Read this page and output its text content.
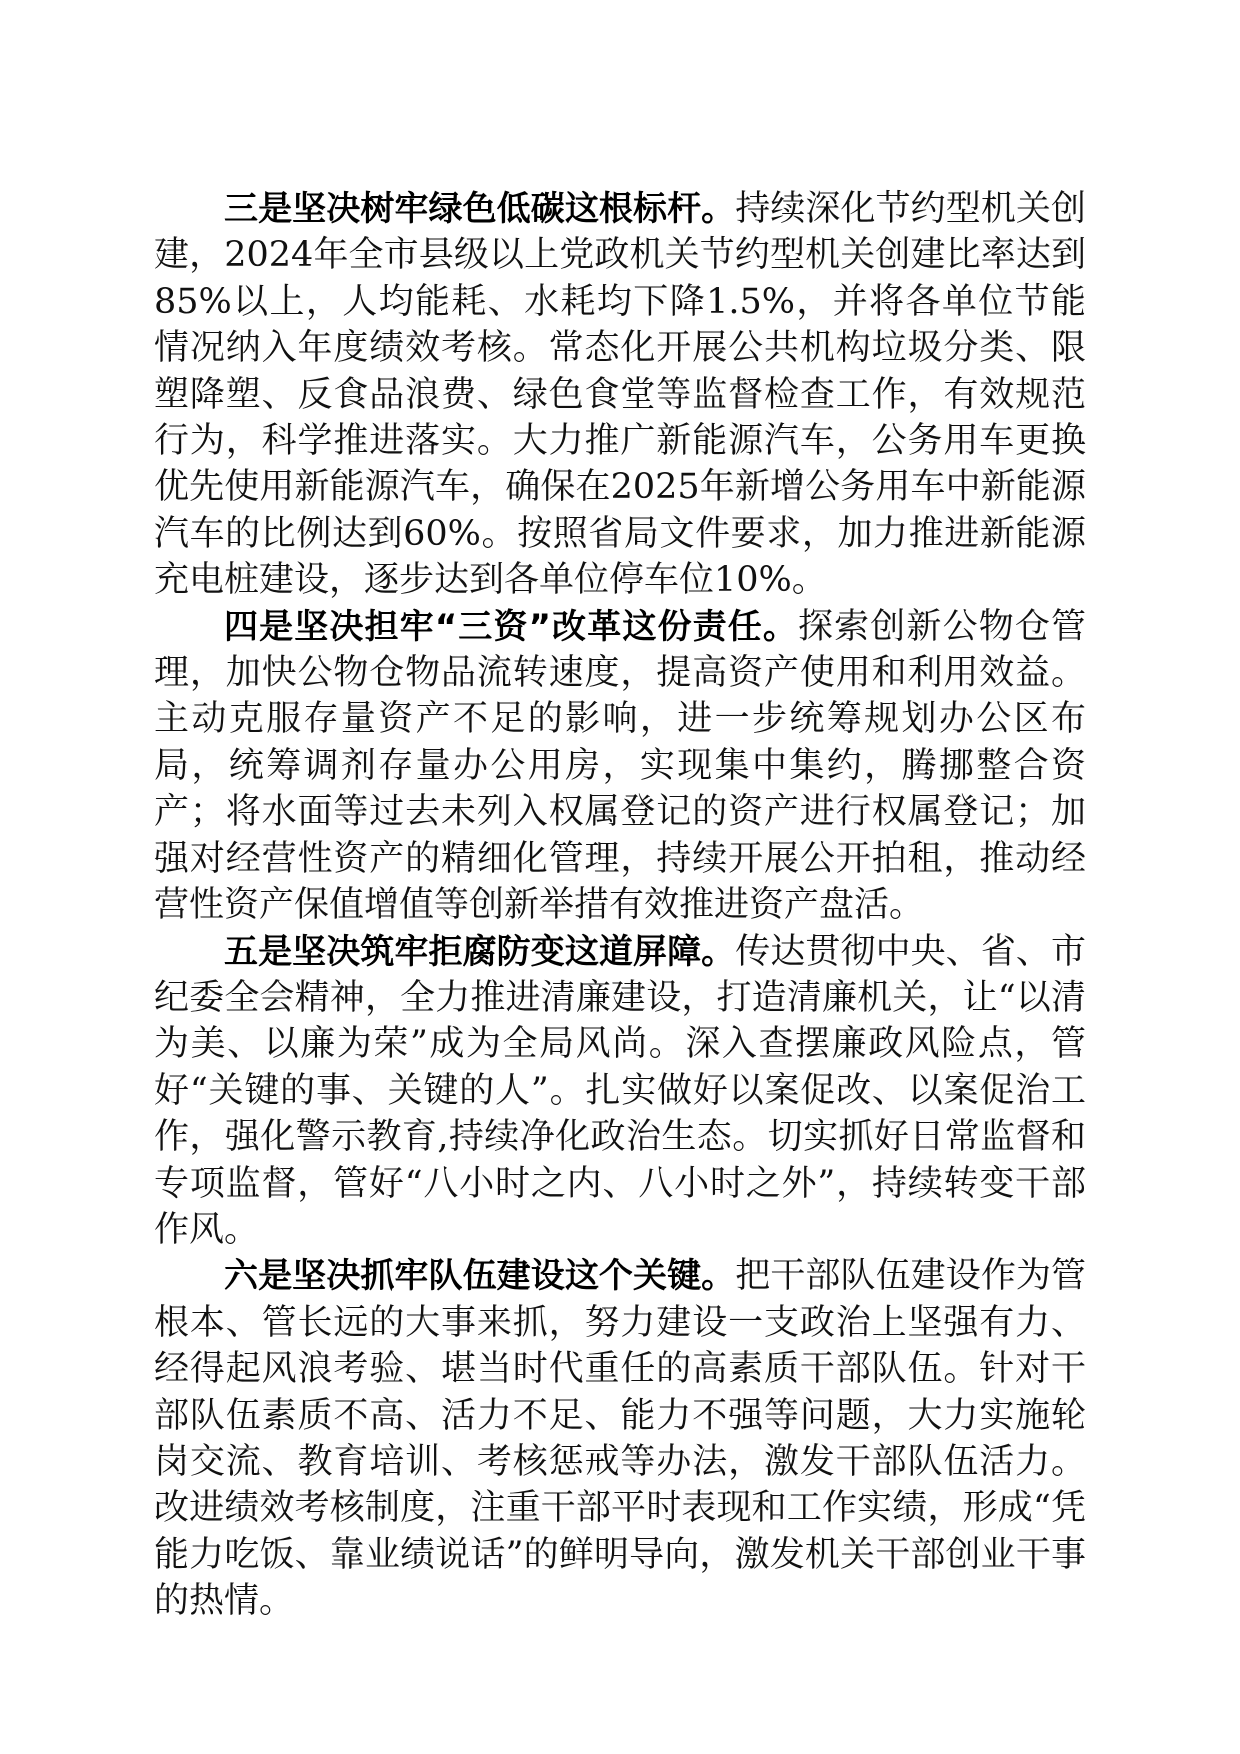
三是坚决树牢绿色低碳这根标杆。持续深化节约型机关创建，2024年全市县级以上党政机关节约型机关创建比率达到85%以上，人均能耗、水耗均下降1.5%，并将各单位节能情况纳入年度绩效考核。常态化开展公共机构垃圾分类、限塑降塑、反食品浪费、绿色食堂等监督检查工作，有效规范行为，科学推进落实。大力推广新能源汽车，公务用车更换优先使用新能源汽车，确保在2025年新增公务用车中新能源汽车的比例达到60%。按照省局文件要求，加力推进新能源充电桩建设，逐步达到各单位停车位10%。

四是坚决担牢“三资”改革这份责任。探索创新公物仓管理，加快公物仓物品流转速度，提高资产使用和利用效益。主动克服存量资产不足的影响，进一步统筹规划办公区布局，统筹调剂存量办公用房，实现集中集约，腾挪整合资产；将水面等过去未列入权属登记的资产进行权属登记；加强对经营性资产的精细化管理，持续开展公开拍租，推动经营性资产保值增值等创新举措有效推进资产盘活。

五是坚决筑牢拒腐防变这道屏障。传达贯彻中央、省、市纪委全会精神，全力推进清廉建设，打造清廉机关，让“以清为美、以廉为荣”成为全局风尚。深入查摆廉政风险点，管好“关键的事、关键的人”。扎实做好以案促改、以案促治工作，强化警示教育,持续净化政治生态。切实抓好日常监督和专项监督，管好“八小时之内、八小时之外”，持续转变干部作风。

六是坚决抓牢队伍建设这个关键。把干部队伍建设作为管根本、管长远的大事来抓，努力建设一支政治上坚强有力、经得起风浪考验、堪当时代重任的高素质干部队伍。针对干部队伍素质不高、活力不足、能力不强等问题，大力实施轮岗交流、教育培训、考核惩戒等办法，激发干部队伍活力。改进绩效考核制度，注重干部平时表现和工作实绩，形成“凭能力吃饭、靠业绩说话”的鲜明导向，激发机关干部创业干事的热情。
